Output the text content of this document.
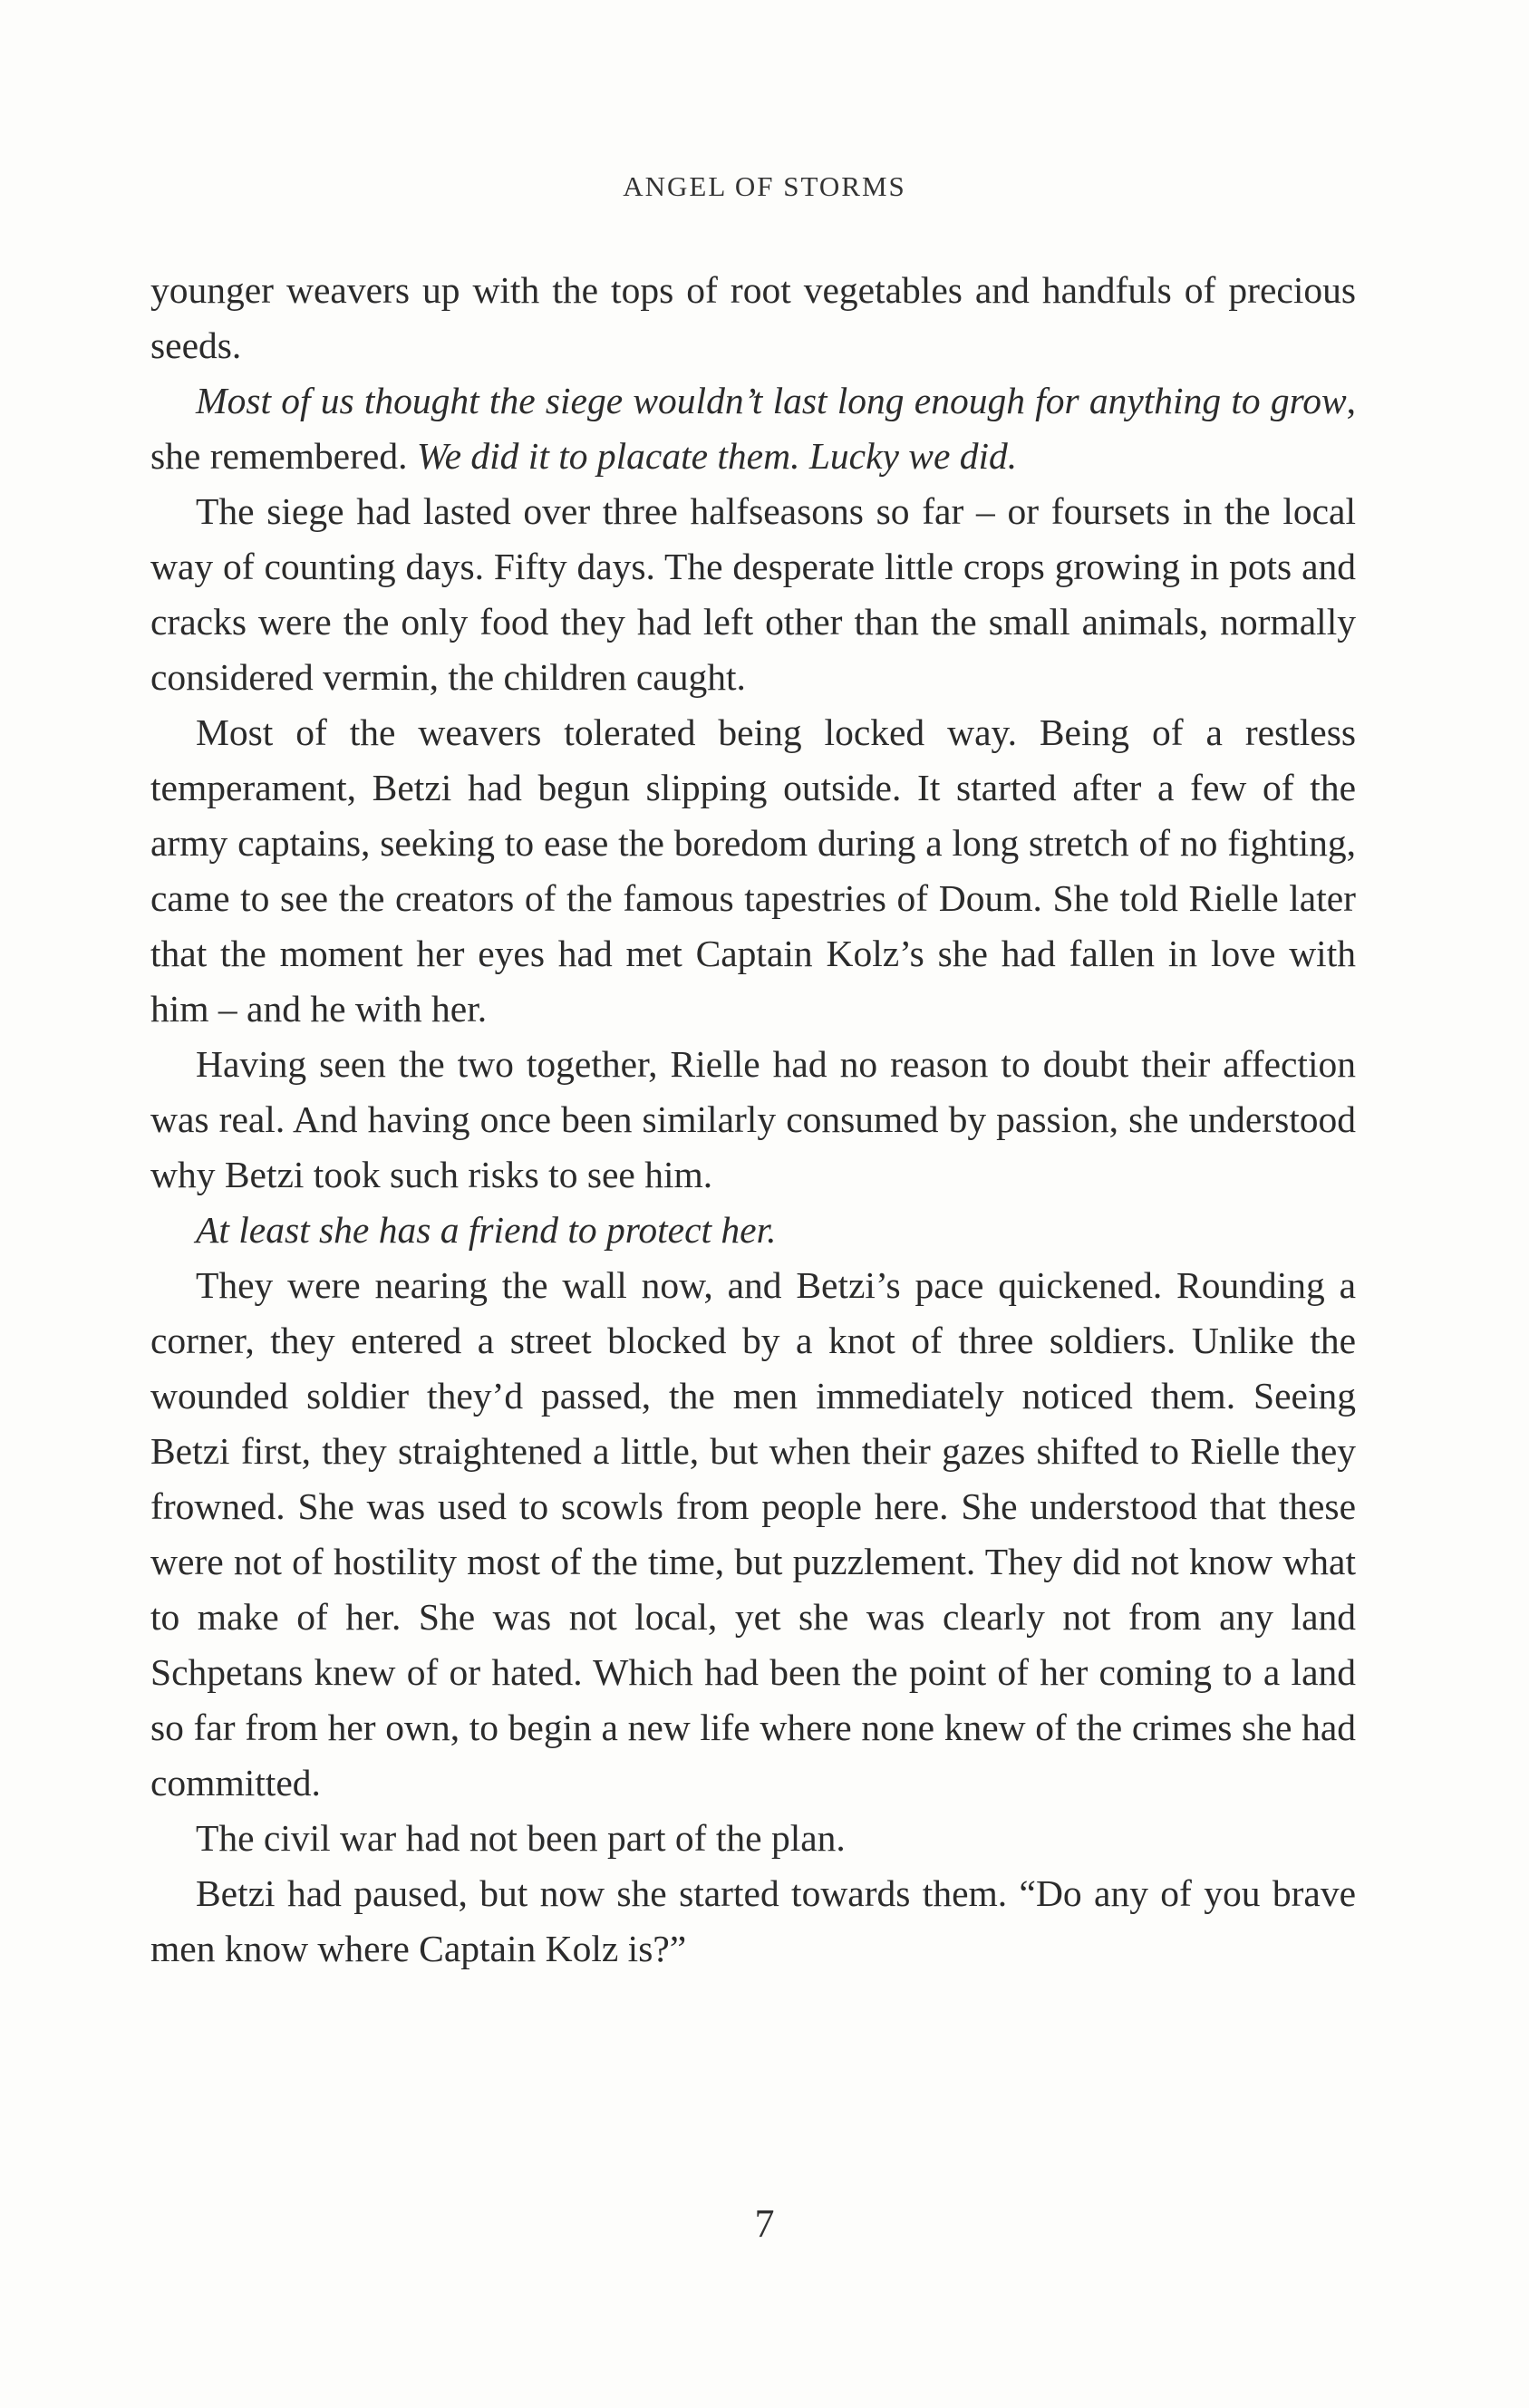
ANGEL OF STORMS

younger weavers up with the tops of root vegetables and handfuls of precious seeds.

Most of us thought the siege wouldn’t last long enough for anything to grow, she remembered. We did it to placate them. Lucky we did.

The siege had lasted over three halfseasons so far – or foursets in the local way of counting days. Fifty days. The desperate little crops growing in pots and cracks were the only food they had left other than the small animals, normally considered vermin, the children caught.

Most of the weavers tolerated being locked way. Being of a restless temperament, Betzi had begun slipping outside. It started after a few of the army captains, seeking to ease the boredom during a long stretch of no fighting, came to see the creators of the famous tapestries of Doum. She told Rielle later that the moment her eyes had met Captain Kolz’s she had fallen in love with him – and he with her.

Having seen the two together, Rielle had no reason to doubt their affection was real. And having once been similarly consumed by passion, she understood why Betzi took such risks to see him.

At least she has a friend to protect her.

They were nearing the wall now, and Betzi’s pace quickened. Rounding a corner, they entered a street blocked by a knot of three soldiers. Unlike the wounded soldier they’d passed, the men immediately noticed them. Seeing Betzi first, they straightened a little, but when their gazes shifted to Rielle they frowned. She was used to scowls from people here. She understood that these were not of hostility most of the time, but puzzlement. They did not know what to make of her. She was not local, yet she was clearly not from any land Schpetans knew of or hated. Which had been the point of her coming to a land so far from her own, to begin a new life where none knew of the crimes she had committed.

The civil war had not been part of the plan.

Betzi had paused, but now she started towards them. “Do any of you brave men know where Captain Kolz is?”

7
